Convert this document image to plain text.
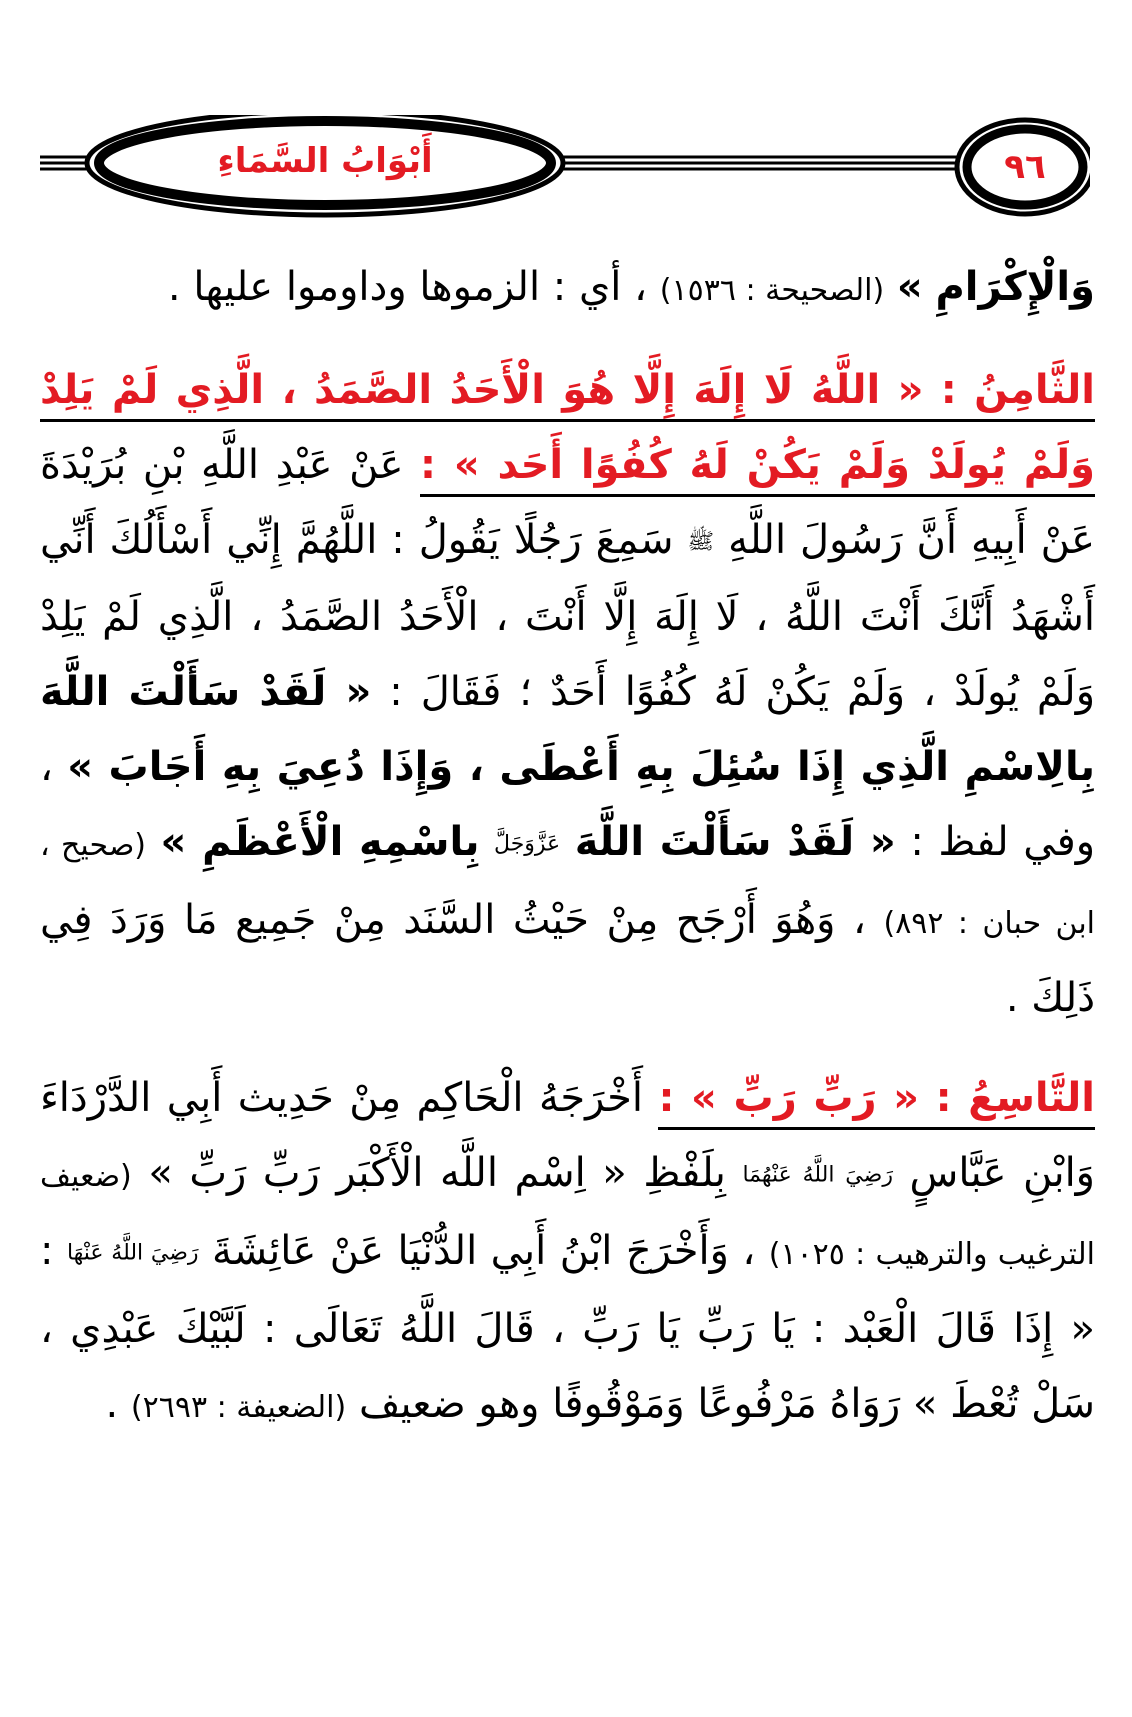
أَبْوَابُ السَّمَاءِ	٩٦

وَالْإِكْرَامِ » (الصحيحة : ١٥٣٦) ، أي : الزموها وداوموا عليها .

الثَّامِنُ : « اللَّهُ لَا إِلَهَ إِلَّا هُوَ الْأَحَدُ الصَّمَدُ ، الَّذِي لَمْ يَلِدْ وَلَمْ يُولَدْ وَلَمْ يَكُنْ لَهُ كُفُوًا أَحَد » : عَنْ عَبْدِ اللَّهِ بْنِ بُرَيْدَةَ عَنْ أَبِيهِ أَنَّ رَسُولَ اللَّهِ ﷺ سَمِعَ رَجُلًا يَقُولُ : اللَّهُمَّ إِنِّي أَسْأَلُكَ أَنِّي أَشْهَدُ أَنَّكَ أَنْتَ اللَّهُ ، لَا إِلَهَ إِلَّا أَنْتَ ، الْأَحَدُ الصَّمَدُ ، الَّذِي لَمْ يَلِدْ وَلَمْ يُولَدْ ، وَلَمْ يَكُنْ لَهُ كُفُوًا أَحَدٌ ؛ فَقَالَ : « لَقَدْ سَأَلْتَ اللَّهَ بِالِاسْمِ الَّذِي إِذَا سُئِلَ بِهِ أَعْطَى ، وَإِذَا دُعِيَ بِهِ أَجَابَ » ، وفي لفظ : « لَقَدْ سَأَلْتَ اللَّهَ عَزَّوَجَلَّ بِاسْمِهِ الْأَعْظَمِ » (صحيح ، ابن حبان : ٨٩٢) ، وَهُوَ أَرْجَح مِنْ حَيْثُ السَّنَد مِنْ جَمِيع مَا وَرَدَ فِي ذَلِكَ .

التَّاسِعُ : « رَبِّ رَبِّ » : أَخْرَجَهُ الْحَاكِم مِنْ حَدِيث أَبِي الدَّرْدَاءَ وَابْنِ عَبَّاسٍ رَضِيَ اللَّهُ عَنْهُمَا بِلَفْظِ « اِسْم اللَّه الْأَكْبَر رَبِّ رَبِّ » (ضعيف الترغيب والترهيب : ١٠٢٥) ، وَأَخْرَجَ ابْنُ أَبِي الدُّنْيَا عَنْ عَائِشَةَ رَضِيَ اللَّهُ عَنْهَا : « إِذَا قَالَ الْعَبْد : يَا رَبِّ يَا رَبِّ ، قَالَ اللَّهُ تَعَالَى : لَبَّيْكَ عَبْدِي ، سَلْ تُعْطَ » رَوَاهُ مَرْفُوعًا وَمَوْقُوفًا وهو ضعيف (الضعيفة : ٢٦٩٣) .
